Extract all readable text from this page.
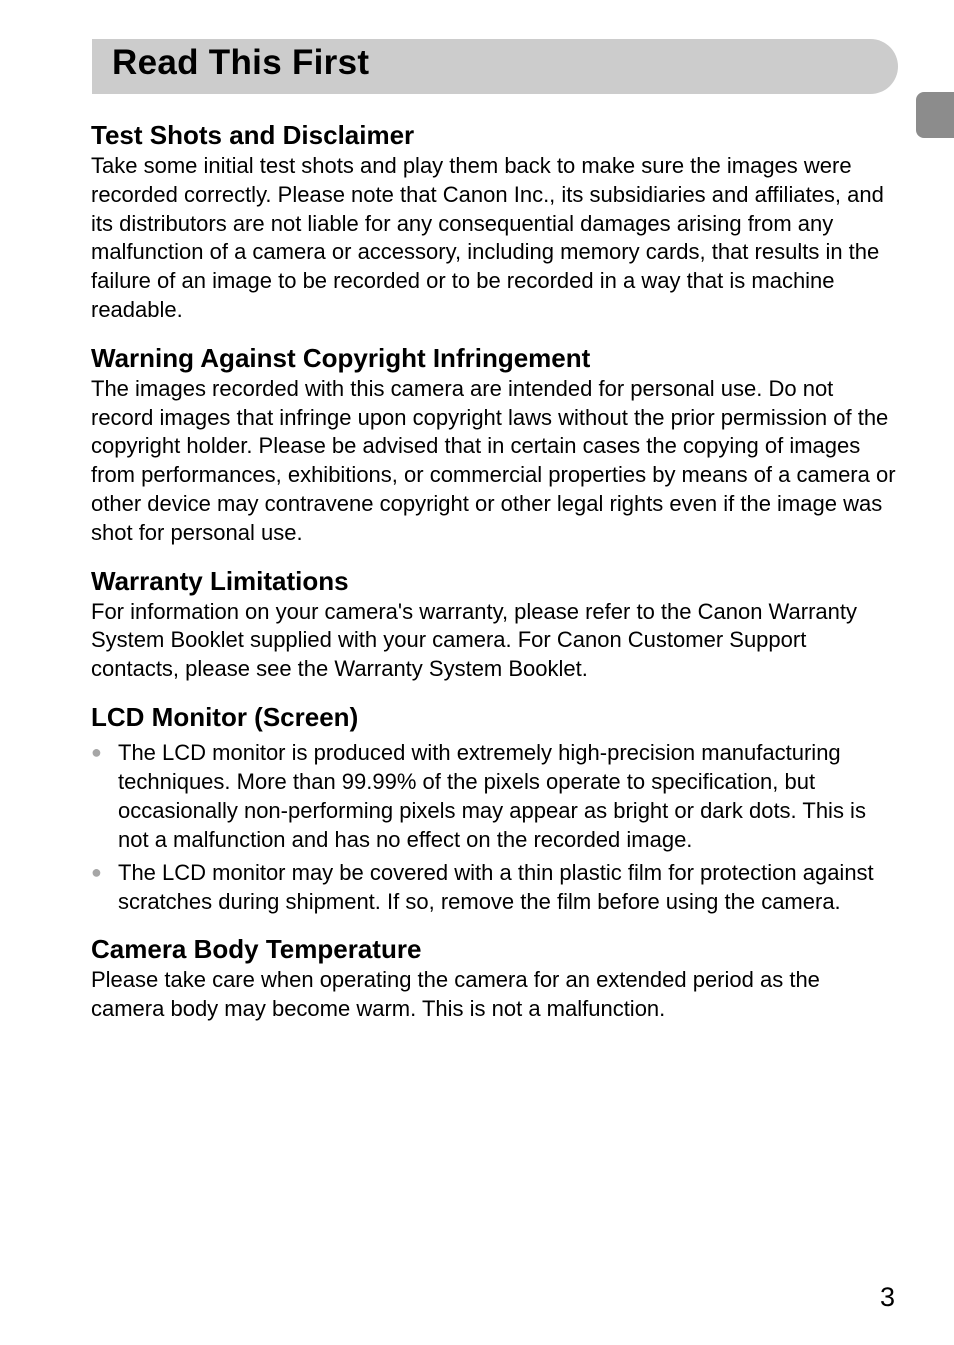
Read This First
Test Shots and Disclaimer

Take some initial test shots and play them back to make sure the images were recorded correctly. Please note that Canon Inc., its subsidiaries and affiliates, and its distributors are not liable for any consequential damages arising from any malfunction of a camera or accessory, including memory cards, that results in the failure of an image to be recorded or to be recorded in a way that is machine readable.

Warning Against Copyright Infringement

The images recorded with this camera are intended for personal use. Do not record images that infringe upon copyright laws without the prior permission of the copyright holder. Please be advised that in certain cases the copying of images from performances, exhibitions, or commercial properties by means of a camera or other device may contravene copyright or other legal rights even if the image was shot for personal use.

Warranty Limitations

For information on your camera's warranty, please refer to the Canon Warranty System Booklet supplied with your camera. For Canon Customer Support contacts, please see the Warranty System Booklet.

LCD Monitor (Screen)
● The LCD monitor is produced with extremely high-precision manufacturing techniques. More than 99.99% of the pixels operate to specification, but occasionally non-performing pixels may appear as bright or dark dots. This is not a malfunction and has no effect on the recorded image.
● The LCD monitor may be covered with a thin plastic film for protection against scratches during shipment. If so, remove the film before using the camera.
Camera Body Temperature

Please take care when operating the camera for an extended period as the camera body may become warm. This is not a malfunction.

3
